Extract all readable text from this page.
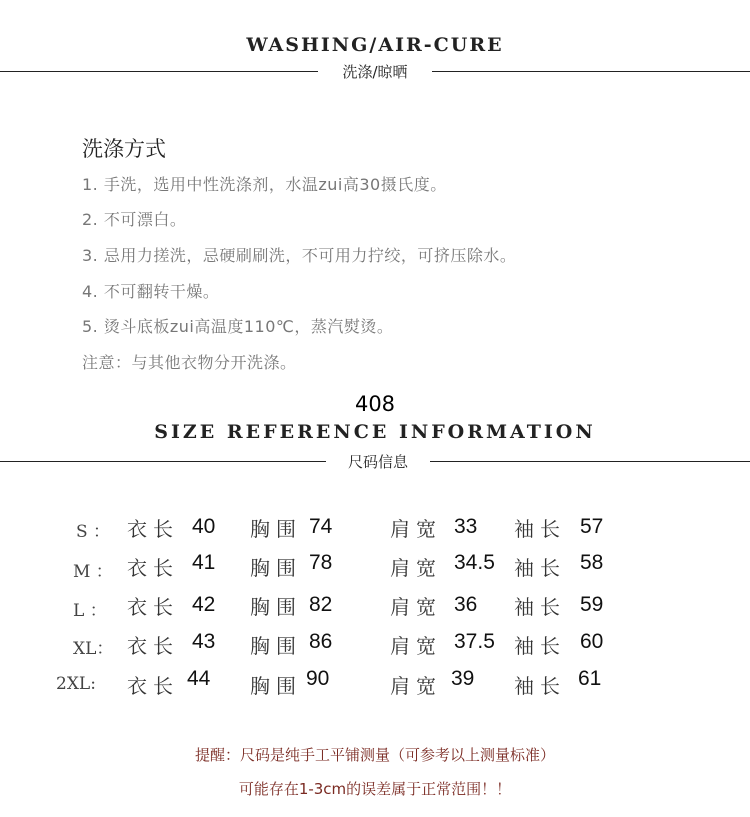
WASHING/AIR-CURE
洗涤/晾晒
洗涤方式
1. 手洗，选用中性洗涤剂，水温zui高30摄氏度。
2. 不可漂白。
3. 忌用力搓洗，忌硬刷刷洗，不可用力拧绞，可挤压除水。
4. 不可翻转干燥。
5. 烫斗底板zui高温度110℃，蒸汽熨烫。
注意：与其他衣物分开洗涤。
408
SIZE REFERENCE INFORMATION
尺码信息
S ： 衣长 40 胸围 74	肩宽 33 袖长 57
M ： 衣长 41 胸围 78	肩宽 34.5 袖长 58
L ： 衣长 42 胸围 82	肩宽 36 袖长 59
XL： 衣长 43 胸围 86	肩宽 37.5 袖长 60
2XL: 衣长 44 胸围 90	肩宽 39 袖长 61
提醒：尺码是纯手工平铺测量（可参考以上测量标准）
可能存在1-3cm的误差属于正常范围！！
